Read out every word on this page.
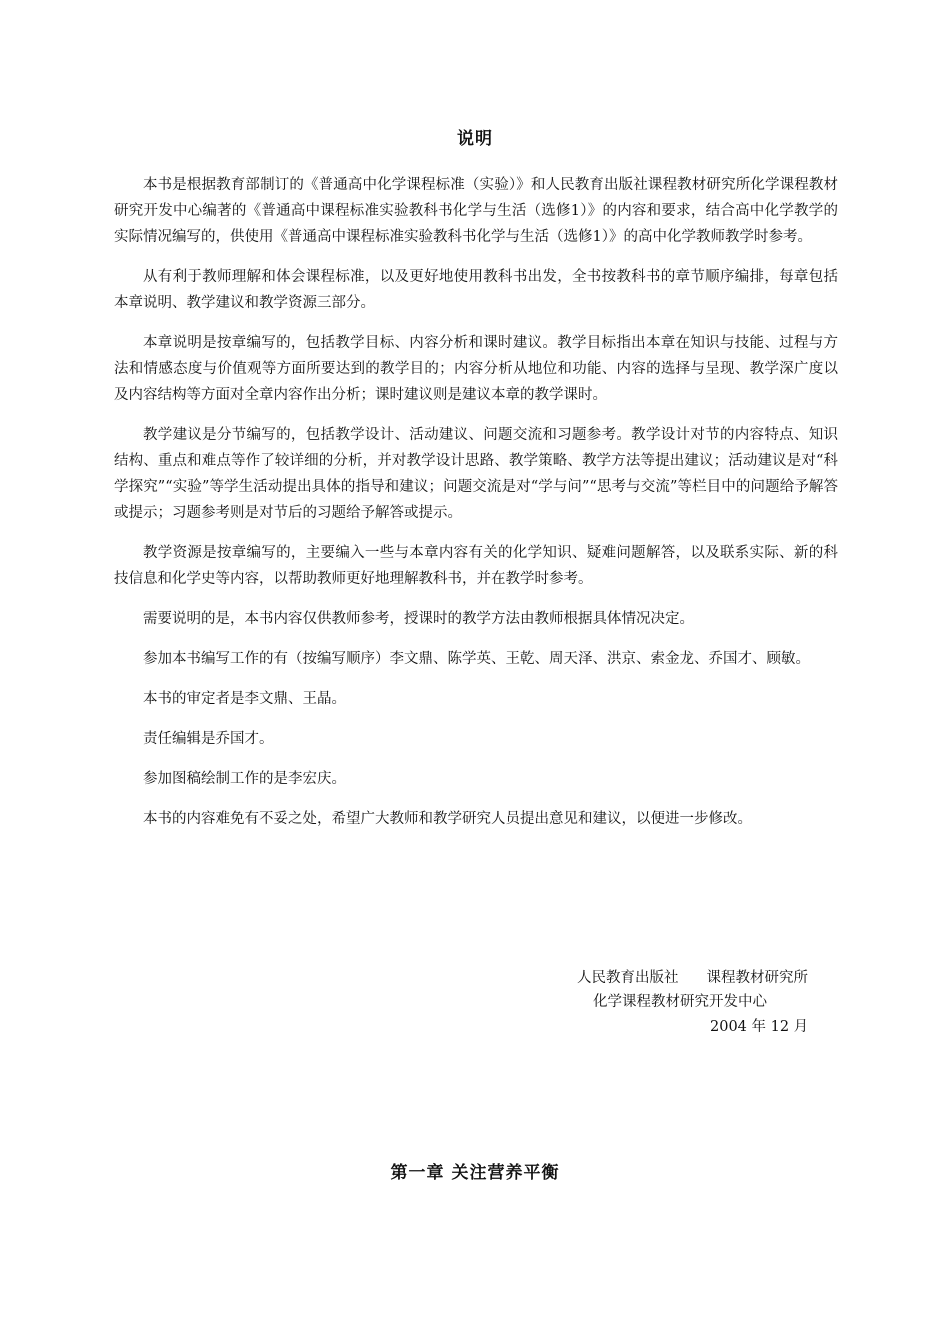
说明

本书是根据教育部制订的《普通高中化学课程标准（实验）》和人民教育出版社课程教材研究所化学课程教材研究开发中心编著的《普通高中课程标准实验教科书化学与生活（选修1）》的内容和要求，结合高中化学教学的实际情况编写的，供使用《普通高中课程标准实验教科书化学与生活（选修1）》的高中化学教师教学时参考。

从有利于教师理解和体会课程标准，以及更好地使用教科书出发，全书按教科书的章节顺序编排，每章包括本章说明、教学建议和教学资源三部分。

本章说明是按章编写的，包括教学目标、内容分析和课时建议。教学目标指出本章在知识与技能、过程与方法和情感态度与价值观等方面所要达到的教学目的；内容分析从地位和功能、内容的选择与呈现、教学深广度以及内容结构等方面对全章内容作出分析；课时建议则是建议本章的教学课时。

教学建议是分节编写的，包括教学设计、活动建议、问题交流和习题参考。教学设计对节的内容特点、知识结构、重点和难点等作了较详细的分析，并对教学设计思路、教学策略、教学方法等提出建议；活动建议是对“科学探究”“实验”等学生活动提出具体的指导和建议；问题交流是对“学与问”“思考与交流”等栏目中的问题给予解答或提示；习题参考则是对节后的习题给予解答或提示。

教学资源是按章编写的，主要编入一些与本章内容有关的化学知识、疑难问题解答，以及联系实际、新的科技信息和化学史等内容，以帮助教师更好地理解教科书，并在教学时参考。

需要说明的是，本书内容仅供教师参考，授课时的教学方法由教师根据具体情况决定。

参加本书编写工作的有（按编写顺序）李文鼎、陈学英、王乾、周天泽、洪京、索金龙、乔国才、顾敏。

本书的审定者是李文鼎、王晶。

责任编辑是乔国才。

参加图稿绘制工作的是李宏庆。

本书的内容难免有不妥之处，希望广大教师和教学研究人员提出意见和建议，以便进一步修改。

人民教育出版社 课程教材研究所
化学课程教材研究开发中心
2004 年 12 月
第一章 关注营养平衡
